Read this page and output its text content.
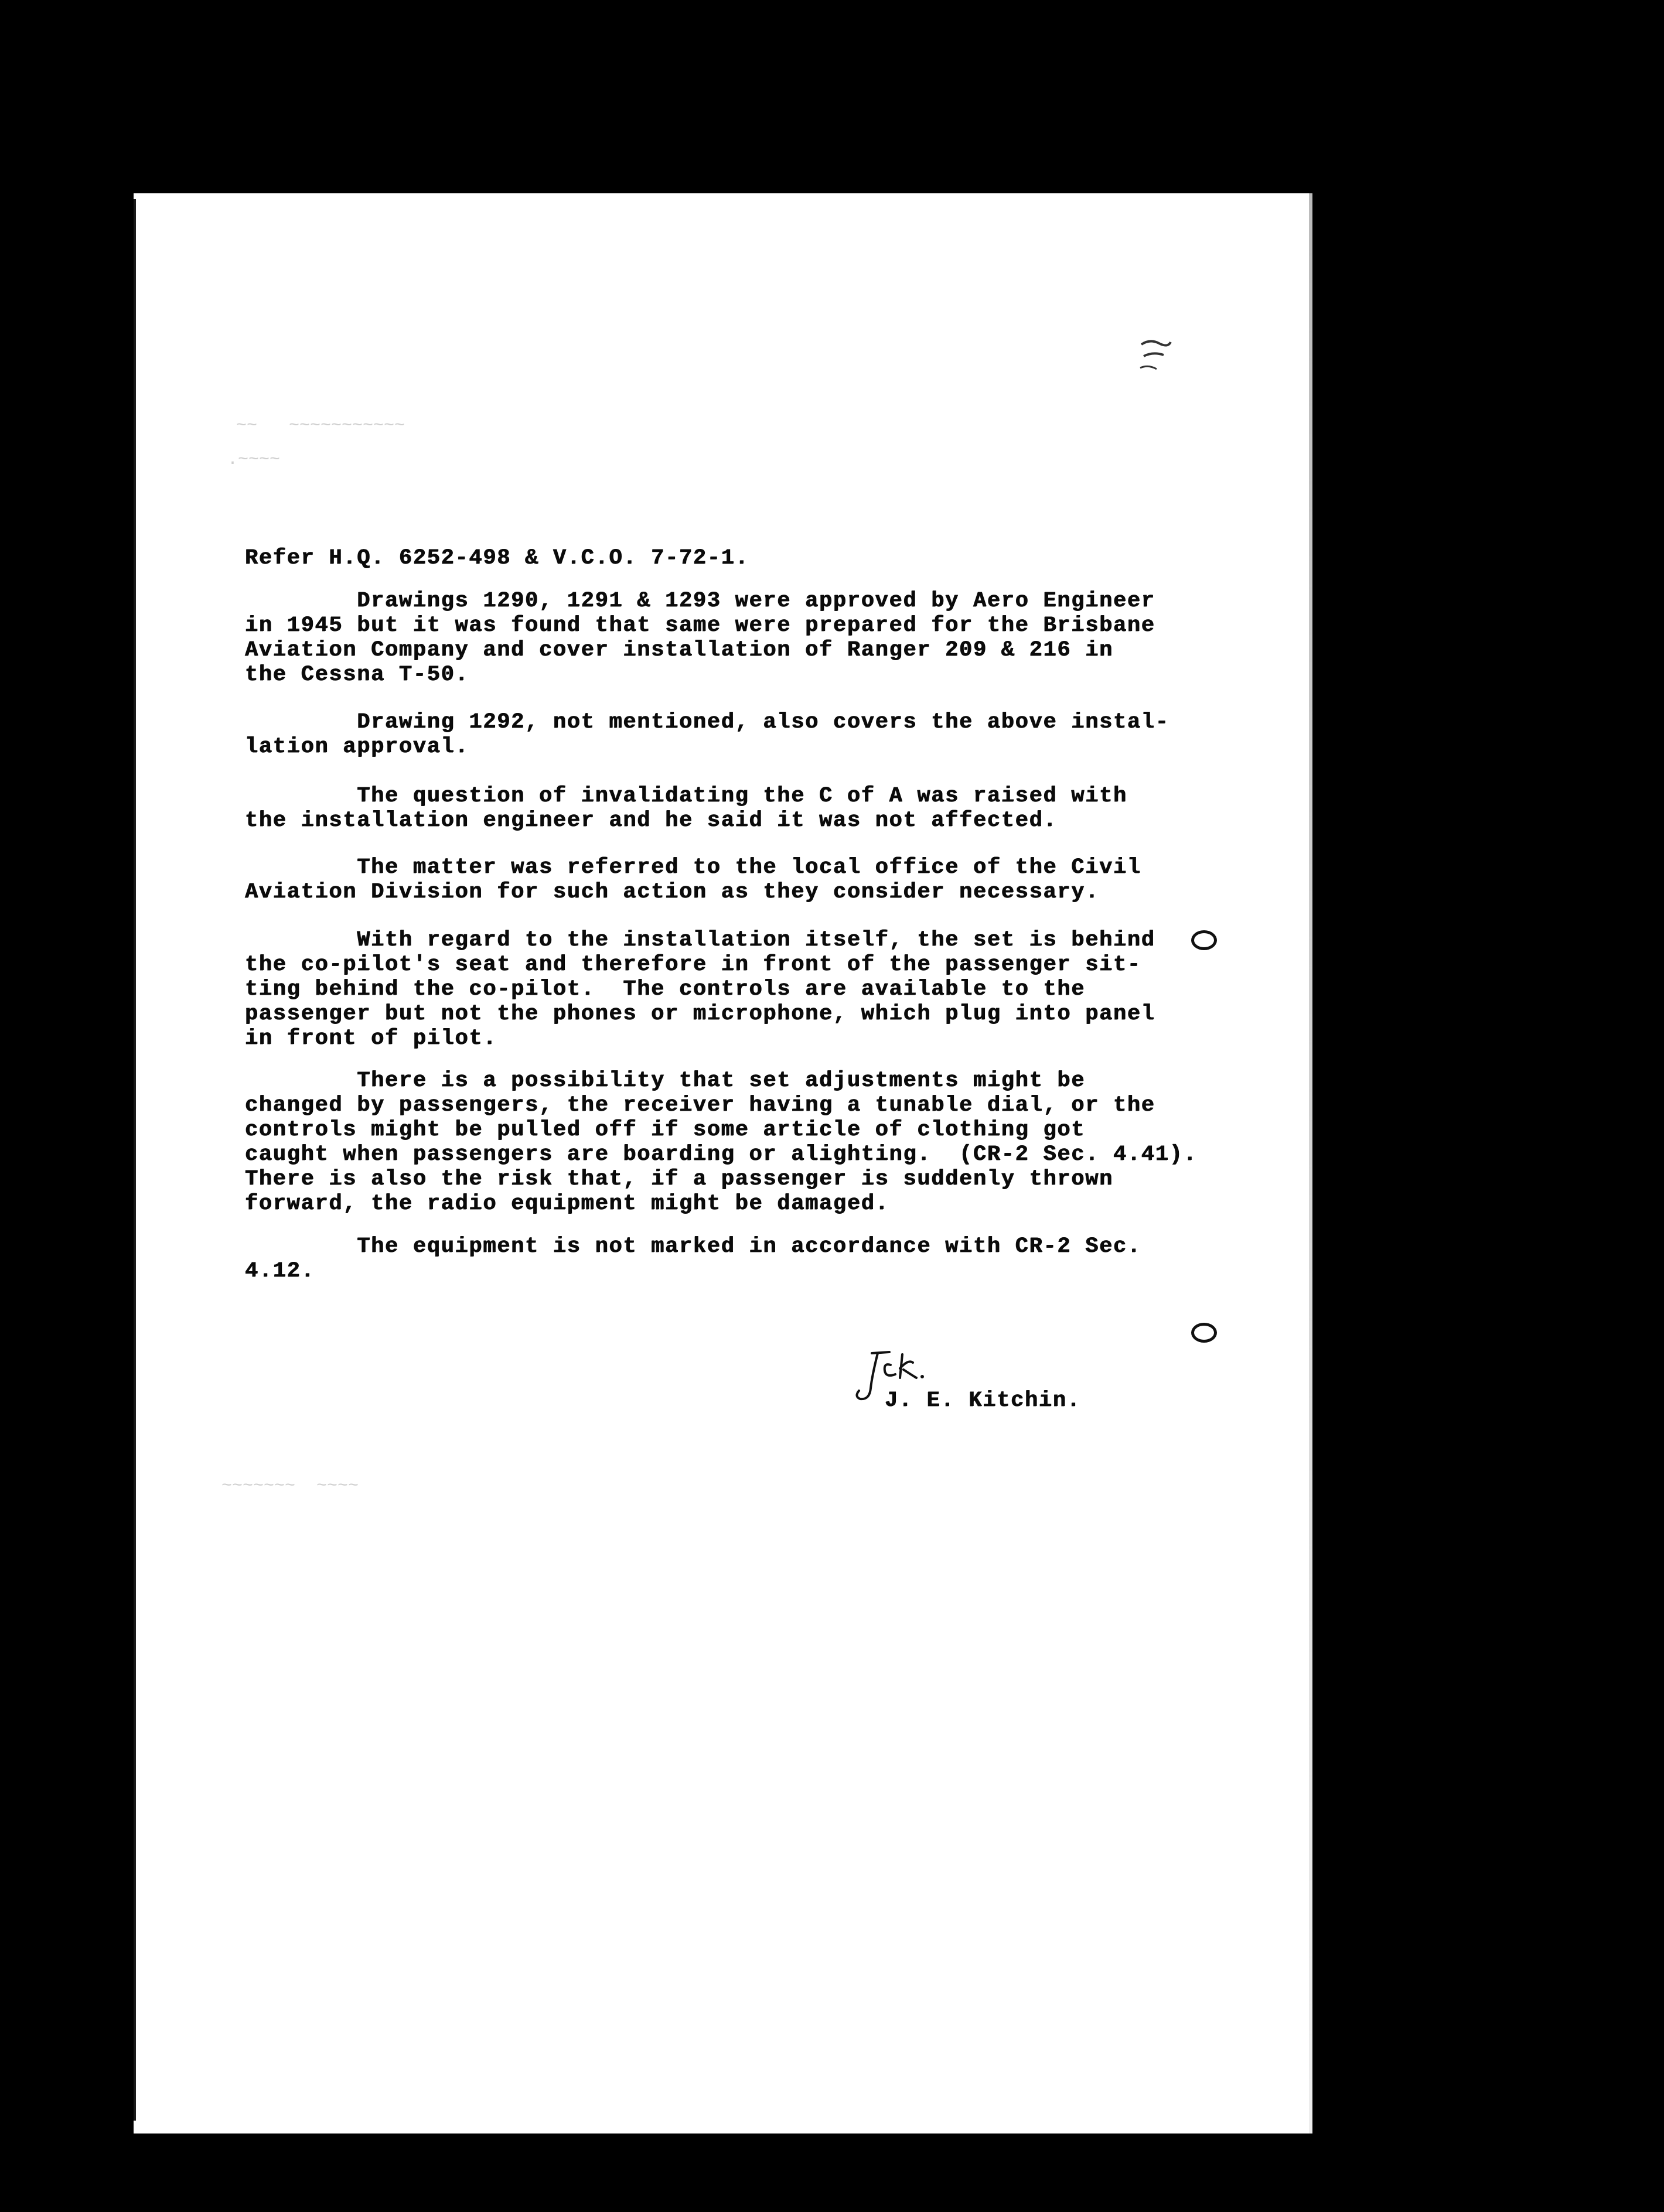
~~   ~~~~~~~~~~~
.~~~~
~~~~~~~  ~~~~
Refer H.Q. 6252-498 & V.C.O. 7-72-1.
Drawings 1290, 1291 & 1293 were approved by Aero Engineer
in 1945 but it was found that same were prepared for the Brisbane
Aviation Company and cover installation of Ranger 209 & 216 in
the Cessna T-50.
Drawing 1292, not mentioned, also covers the above instal-
lation approval.
The question of invalidating the C of A was raised with
the installation engineer and he said it was not affected.
The matter was referred to the local office of the Civil
Aviation Division for such action as they consider necessary.
With regard to the installation itself, the set is behind
the co-pilot's seat and therefore in front of the passenger sit-
ting behind the co-pilot.  The controls are available to the
passenger but not the phones or microphone, which plug into panel
in front of pilot.
There is a possibility that set adjustments might be
changed by passengers, the receiver having a tunable dial, or the
controls might be pulled off if some article of clothing got
caught when passengers are boarding or alighting.  (CR-2 Sec. 4.41).
There is also the risk that, if a passenger is suddenly thrown
forward, the radio equipment might be damaged.
The equipment is not marked in accordance with CR-2 Sec.
4.12.
J. E. Kitchin.
